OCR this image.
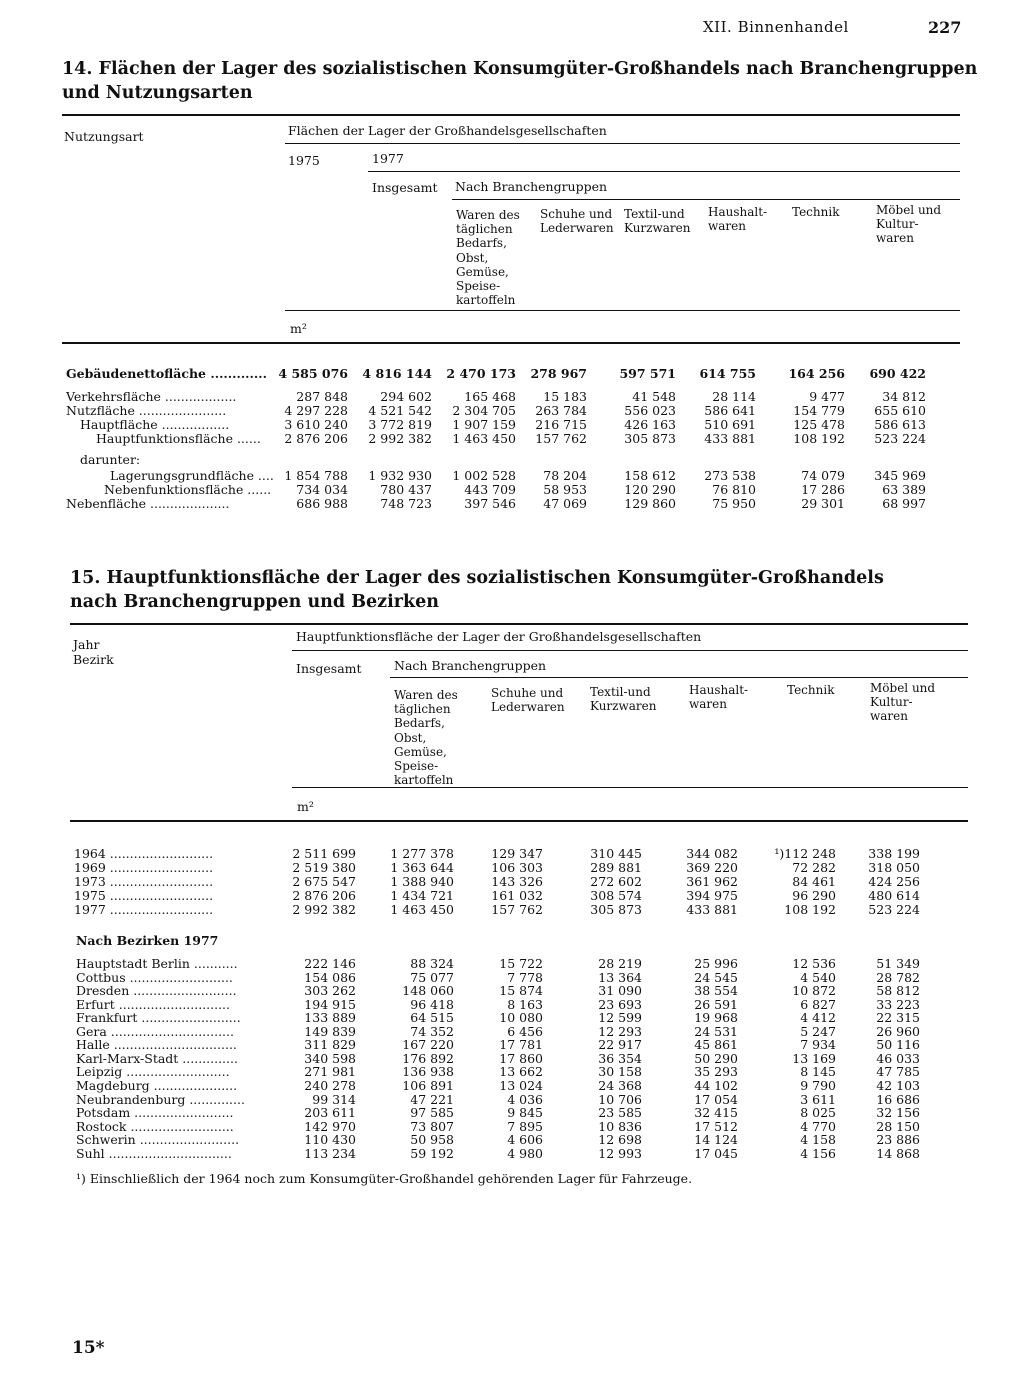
XII. Binnenhandel	227
14. Flächen der Lager des sozialistischen Konsumgüter-Großhandels nach Branchengruppen
und Nutzungsarten
Nutzungsart	Flächen der Lager der Großhandelsgesellschaften
1975	1977
Insgesamt Nach Branchengruppen
Waren des täglichen Bedarfs, Obst, Gemüse, Speise-kartoffeln
Schuhe und Lederwaren
Textil-und Kurzwaren
Haushalt-waren
Technik	Möbel und Kultur-waren
m²
Gebäudenettofläche ............. 4 585 076	4 816 144	2 470 173	278 967	597 571	614 755	164 256	690 422
Verkehrsfläche ..................	287 848	294 602	165 468	15 183	41 548	28 114	9 477	34 812
Nutzfläche ......................	4 297 228	4 521 542	2 304 705	263 784	556 023	586 641	154 779	655 610
Hauptfläche .................	3 610 240	3 772 819	1 907 159	216 715	426 163	510 691	125 478	586 613
Hauptfunktionsfläche ......	2 876 206	2 992 382	1 463 450	157 762	305 873	433 881	108 192	523 224
darunter:
Lagerungsgrundfläche .... 1 854 788	1 932 930	1 002 528	78 204	158 612	273 538	74 079	345 969
Nebenfunktionsfläche ......	734 034	780 437	443 709	58 953	120 290	76 810	17 286	63 389
Nebenfläche ....................	686 988	748 723	397 546	47 069	129 860	75 950	29 301	68 997
15. Hauptfunktionsfläche der Lager des sozialistischen Konsumgüter-Großhandels
nach Branchengruppen und Bezirken
Jahr
Bezirk
Hauptfunktionsfläche der Lager der Großhandelsgesellschaften
Insgesamt	Nach Branchengruppen
Waren des täglichen Bedarfs, Obst, Gemüse, Speise-kartoffeln
Schuhe und Lederwaren
Textil-und Kurzwaren
Haushalt-waren
Technik	Möbel und Kultur-waren
m²
1964 ..........................	2 511 699	1 277 378	129 347	310 445	344 082	¹)112 248	338 199
1969 ..........................	2 519 380	1 363 644	106 303	289 881	369 220	72 282	318 050
1973 ..........................	2 675 547	1 388 940	143 326	272 602	361 962	84 461	424 256
1975 ..........................	2 876 206	1 434 721	161 032	308 574	394 975	96 290	480 614
1977 ..........................	2 992 382	1 463 450	157 762	305 873	433 881	108 192	523 224
Hauptstadt Berlin ...........	222 146	88 324	15 722	28 219	25 996	12 536	51 349
Cottbus ..........................	154 086	75 077	7 778	13 364	24 545	4 540	28 782
Dresden ..........................	303 262	148 060	15 874	31 090	38 554	10 872	58 812
Erfurt ............................	194 915	96 418	8 163	23 693	26 591	6 827	33 223
Frankfurt .........................	133 889	64 515	10 080	12 599	19 968	4 412	22 315
Gera ...............................	149 839	74 352	6 456	12 293	24 531	5 247	26 960
Halle ...............................	311 829	167 220	17 781	22 917	45 861	7 934	50 116
Karl-Marx-Stadt ..............	340 598	176 892	17 860	36 354	50 290	13 169	46 033
Leipzig ..........................	271 981	136 938	13 662	30 158	35 293	8 145	47 785
Magdeburg .....................	240 278	106 891	13 024	24 368	44 102	9 790	42 103
Neubrandenburg ..............	99 314	47 221	4 036	10 706	17 054	3 611	16 686
Potsdam .........................	203 611	97 585	9 845	23 585	32 415	8 025	32 156
Rostock ..........................	142 970	73 807	7 895	10 836	17 512	4 770	28 150
Schwerin .........................	110 430	50 958	4 606	12 698	14 124	4 158	23 886
Suhl ...............................	113 234	59 192	4 980	12 993	17 045	4 156	14 868
Nach Bezirken 1977
¹) Einschließlich der 1964 noch zum Konsumgüter-Großhandel gehörenden Lager für Fahrzeuge.
15*
